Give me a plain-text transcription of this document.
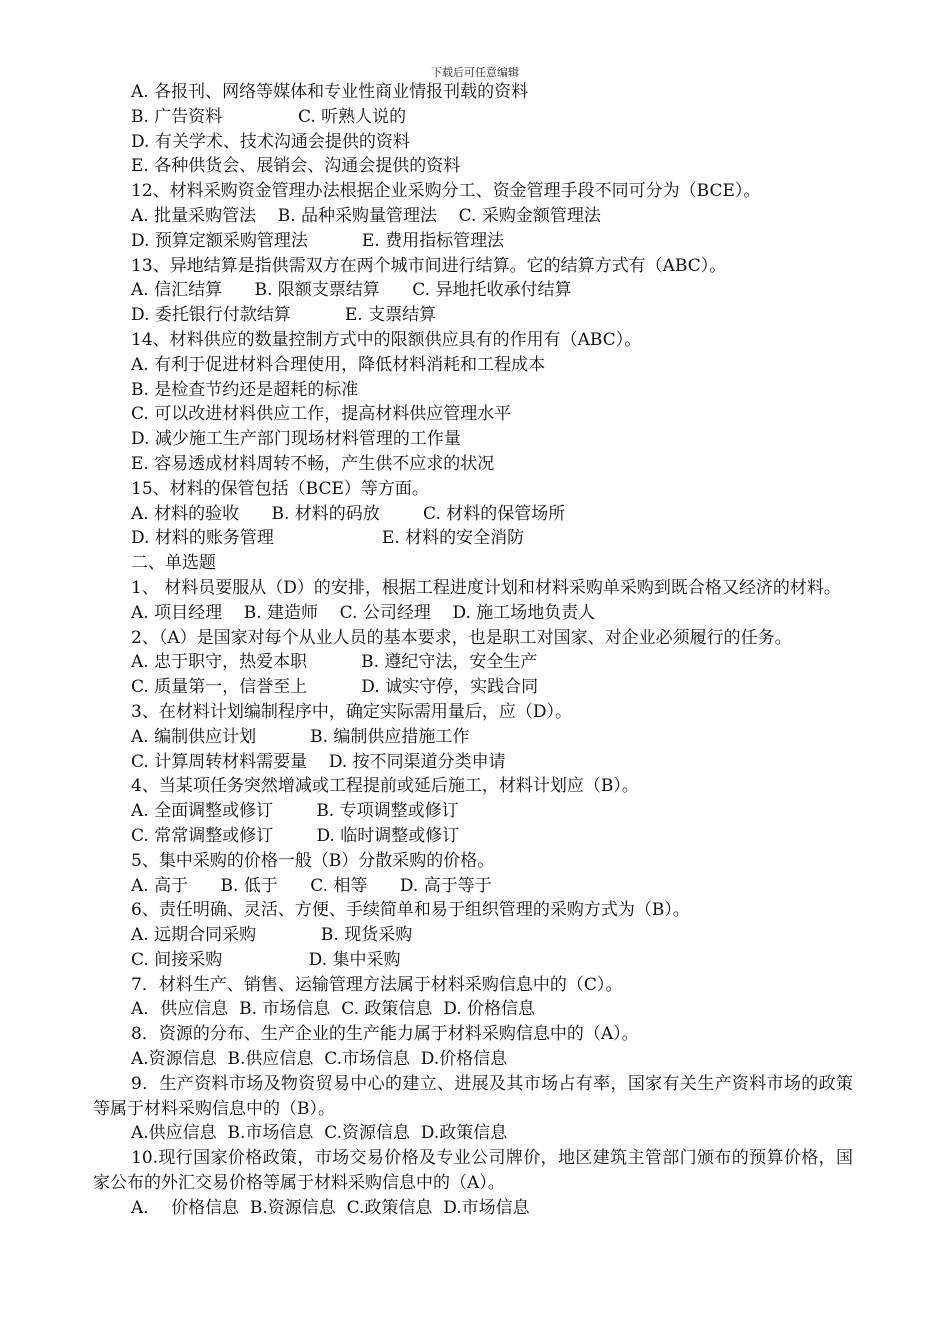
下载后可任意编辑
A. 各报刊、网络等媒体和专业性商业情报刊载的资料
B. 广告资料              C. 听熟人说的
D. 有关学术、技术沟通会提供的资料
E. 各种供货会、展销会、沟通会提供的资料
12、材料采购资金管理办法根据企业采购分工、资金管理手段不同可分为（BCE）。
A. 批量采购管法    B. 品种采购量管理法    C. 采购金额管理法
D. 预算定额采购管理法          E. 费用指标管理法
13、异地结算是指供需双方在两个城市间进行结算。它的结算方式有（ABC）。
A. 信汇结算      B. 限额支票结算      C. 异地托收承付结算
D. 委托银行付款结算          E. 支票结算
14、材料供应的数量控制方式中的限额供应具有的作用有（ABC）。
A. 有利于促进材料合理使用，降低材料消耗和工程成本
B. 是检查节约还是超耗的标准
C. 可以改进材料供应工作，提高材料供应管理水平
D. 减少施工生产部门现场材料管理的工作量
E. 容易透成材料周转不畅，产生供不应求的状况
15、材料的保管包括（BCE）等方面。
A. 材料的验收      B. 材料的码放        C. 材料的保管场所
D. 材料的账务管理                    E. 材料的安全消防
二、单选题
1、 材料员要服从（D）的安排，根据工程进度计划和材料采购单采购到既合格又经济的材料。
A. 项目经理    B. 建造师    C. 公司经理    D. 施工场地负责人
2、（A）是国家对每个从业人员的基本要求，也是职工对国家、对企业必须履行的任务。
A. 忠于职守，热爱本职          B. 遵纪守法，安全生产
C. 质量第一，信誉至上          D. 诚实守停，实践合同
3、在材料计划编制程序中，确定实际需用量后，应（D）。
A. 编制供应计划          B. 编制供应措施工作
C. 计算周转材料需要量    D. 按不同渠道分类申请
4、当某项任务突然增减或工程提前或延后施工，材料计划应（B）。
A. 全面调整或修订        B. 专项调整或修订
C. 常常调整或修订        D. 临时调整或修订
5、集中采购的价格一般（B）分散采购的价格。
A. 高于      B. 低于      C. 相等      D. 高于等于
6、责任明确、灵活、方便、手续简单和易于组织管理的采购方式为（B）。
A. 远期合同采购            B. 现货采购
C. 间接采购                D. 集中采购
7．材料生产、销售、运输管理方法属于材料采购信息中的（C）。
A．供应信息  B. 市场信息  C. 政策信息  D. 价格信息
8．资源的分布、生产企业的生产能力属于材料采购信息中的（A）。
A.资源信息  B.供应信息  C.市场信息  D.价格信息
9．生产资料市场及物资贸易中心的建立、进展及其市场占有率，国家有关生产资料市场的政策等属于材料采购信息中的（B）。
A.供应信息  B.市场信息  C.资源信息  D.政策信息
10.现行国家价格政策，市场交易价格及专业公司牌价，地区建筑主管部门颁布的预算价格，国家公布的外汇交易价格等属于材料采购信息中的（A）。
A．  价格信息  B.资源信息  C.政策信息  D.市场信息
